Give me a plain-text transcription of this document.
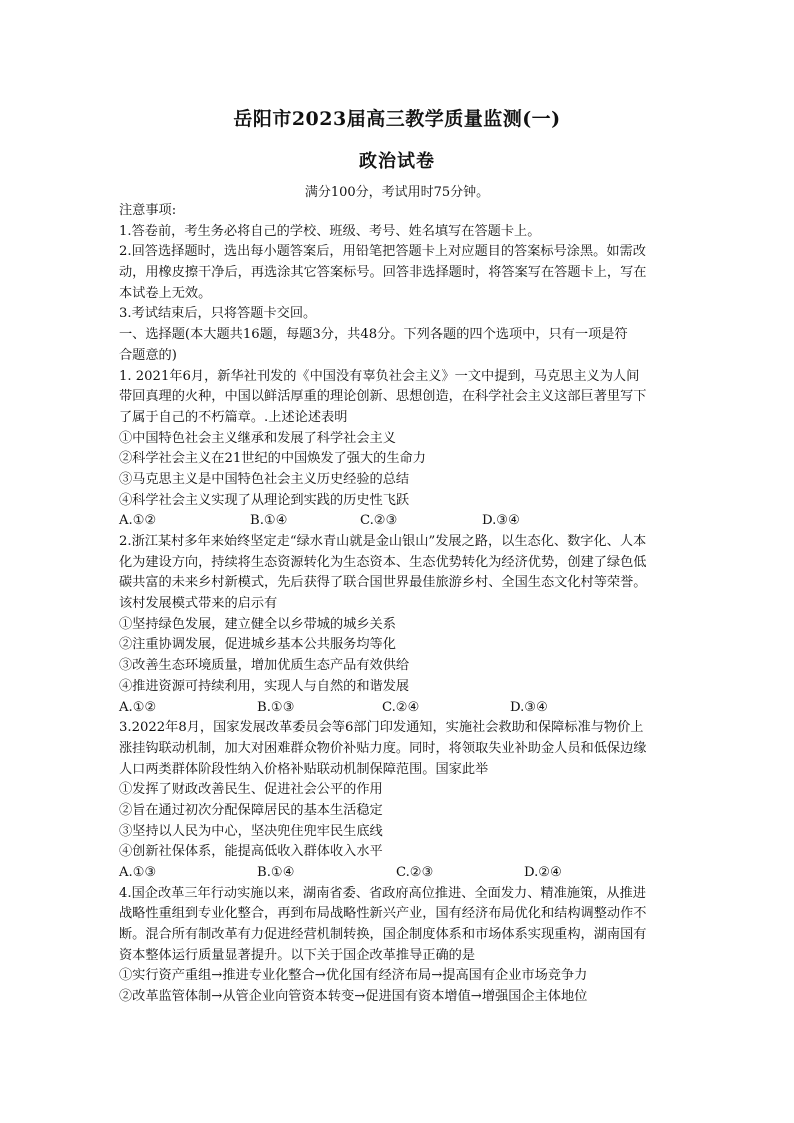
岳阳市2023届高三教学质量监测(一)
政治试卷
满分100分，考试用时75分钟。
注意事项:
1.答卷前，考生务必将自己的学校、班级、考号、姓名填写在答题卡上。
2.回答选择题时，选出每小题答案后，用铅笔把答题卡上对应题目的答案标号涂黑。如需改
动，用橡皮擦干净后，再选涂其它答案标号。回答非选择题时，将答案写在答题卡上，写在
本试卷上无效。
3.考试结束后，只将答题卡交回。
一、选择题(本大题共16题，每题3分，共48分。下列各题的四个选项中，只有一项是符
合题意的)
1. 2021年6月，新华社刊发的《中国没有辜负社会主义》一文中提到，马克思主义为人间
带回真理的火种，中国以鲜活厚重的理论创新、思想创造，在科学社会主义这部巨著里写下
了属于自己的不朽篇章。.上述论述表明
①中国特色社会主义继承和发展了科学社会主义
②科学社会主义在21世纪的中国焕发了强大的生命力
③马克思主义是中国特色社会主义历史经验的总结
④科学社会主义实现了从理论到实践的历史性飞跃
A.①②	B.①④	C.②③	D.③④
2.浙江某村多年来始终坚定走“绿水青山就是金山银山”发展之路，以生态化、数字化、人本
化为建设方向，持续将生态资源转化为生态资本、生态优势转化为经济优势，创建了绿色低
碳共富的未来乡村新模式，先后获得了联合国世界最佳旅游乡村、全国生态文化村等荣誉。
该村发展模式带来的启示有
①坚持绿色发展，建立健全以乡带城的城乡关系
②注重协调发展，促进城乡基本公共服务均等化
③改善生态环境质量，增加优质生态产品有效供给
④推进资源可持续利用，实现人与自然的和谐发展
A.①②	B.①③	C.②④	D.③④
3.2022年8月，国家发展改革委员会等6部门印发通知，实施社会救助和保障标准与物价上
涨挂钩联动机制，加大对困难群众物价补贴力度。同时，将领取失业补助金人员和低保边缘
人口两类群体阶段性纳入价格补贴联动机制保障范围。国家此举
①发挥了财政改善民生、促进社会公平的作用
②旨在通过初次分配保障居民的基本生活稳定
③坚持以人民为中心，坚决兜住兜牢民生底线
④创新社保体系，能提高低收入群体收入水平
A.①③	B.①④	C.②③	D.②④
4.国企改革三年行动实施以来，湖南省委、省政府高位推进、全面发力、精准施策，从推进
战略性重组到专业化整合，再到布局战略性新兴产业，国有经济布局优化和结构调整动作不
断。混合所有制改革有力促进经营机制转换，国企制度体系和市场体系实现重构，湖南国有
资本整体运行质量显著提升。以下关于国企改革推导正确的是
①实行资产重组→推进专业化整合→优化国有经济布局→提高国有企业市场竞争力
②改革监管体制→从管企业向管资本转变→促进国有资本增值→增强国企主体地位
